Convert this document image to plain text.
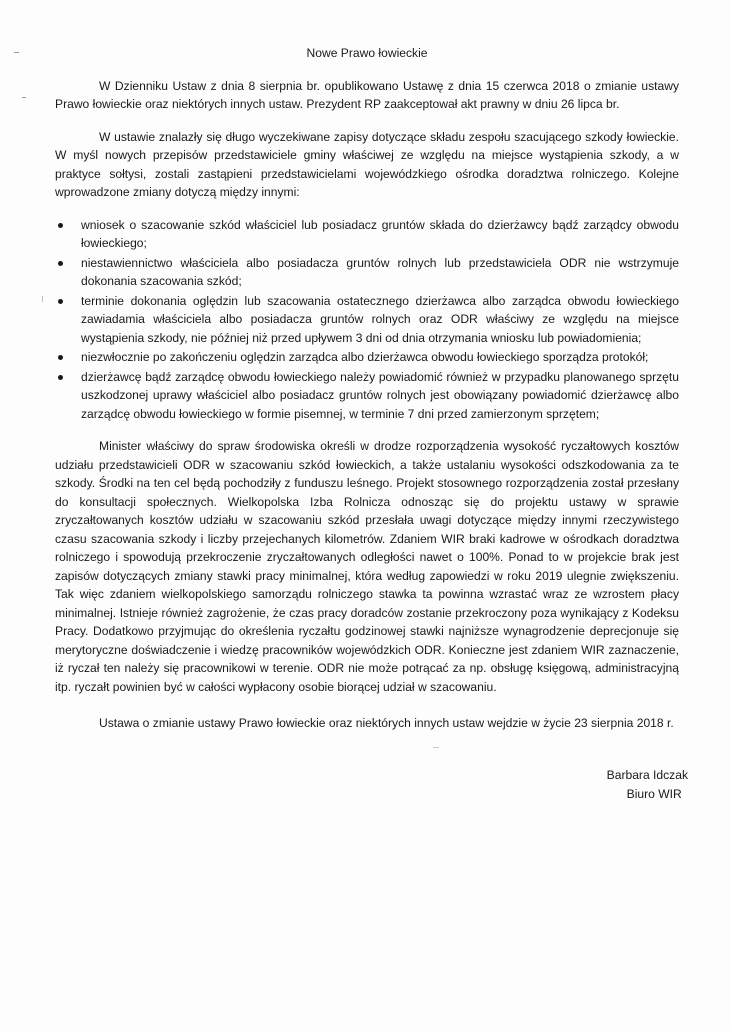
Nowe Prawo łowieckie

W Dzienniku Ustaw z dnia 8 sierpnia br. opublikowano Ustawę z dnia 15 czerwca 2018 o zmianie ustawy Prawo łowieckie oraz niektórych innych ustaw. Prezydent RP zaakceptował akt prawny w dniu 26 lipca br.

W ustawie znalazły się długo wyczekiwane zapisy dotyczące składu zespołu szacującego szkody łowieckie. W myśl nowych przepisów przedstawiciele gminy właściwej ze względu na miejsce wystąpienia szkody, a w praktyce sołtysi, zostali zastąpieni przedstawicielami wojewódzkiego ośrodka doradztwa rolniczego. Kolejne wprowadzone zmiany dotyczą między innymi:

wniosek o szacowanie szkód właściciel lub posiadacz gruntów składa do dzierżawcy bądź zarządcy obwodu łowieckiego;
niestawiennictwo właściciela albo posiadacza gruntów rolnych lub przedstawiciela ODR nie wstrzymuje dokonania szacowania szkód;
terminie dokonania oględzin lub szacowania ostatecznego dzierżawca albo zarządca obwodu łowieckiego zawiadamia właściciela albo posiadacza gruntów rolnych oraz ODR właściwy ze względu na miejsce wystąpienia szkody, nie później niż przed upływem 3 dni od dnia otrzymania wniosku lub powiadomienia;
niezwłocznie po zakończeniu oględzin zarządca albo dzierżawca obwodu łowieckiego sporządza protokół;
dzierżawcę bądź zarządcę obwodu łowieckiego należy powiadomić również w przypadku planowanego sprzętu uszkodzonej uprawy właściciel albo posiadacz gruntów rolnych jest obowiązany powiadomić dzierżawcę albo zarządcę obwodu łowieckiego w formie pisemnej, w terminie 7 dni przed zamierzonym sprzętem;

Minister właściwy do spraw środowiska określi w drodze rozporządzenia wysokość ryczałtowych kosztów udziału przedstawicieli ODR w szacowaniu szkód łowieckich, a także ustalaniu wysokości odszkodowania za te szkody. Środki na ten cel będą pochodziły z funduszu leśnego. Projekt stosownego rozporządzenia został przesłany do konsultacji społecznych. Wielkopolska Izba Rolnicza odnosząc się do projektu ustawy w sprawie zryczałtowanych kosztów udziału w szacowaniu szkód przesłała uwagi dotyczące między innymi rzeczywistego czasu szacowania szkody i liczby przejechanych kilometrów. Zdaniem WIR braki kadrowe w ośrodkach doradztwa rolniczego i spowodują przekroczenie zryczałtowanych odległości nawet o 100%. Ponad to w projekcie brak jest zapisów dotyczących zmiany stawki pracy minimalnej, która według zapowiedzi w roku 2019 ulegnie zwiększeniu. Tak więc zdaniem wielkopolskiego samorządu rolniczego stawka ta powinna wzrastać wraz ze wzrostem płacy minimalnej. Istnieje również zagrożenie, że czas pracy doradców zostanie przekroczony poza wynikający z Kodeksu Pracy. Dodatkowo przyjmując do określenia ryczałtu godzinowej stawki najniższe wynagrodzenie deprecjonuje się merytoryczne doświadczenie i wiedzę pracowników wojewódzkich ODR. Konieczne jest zdaniem WIR zaznaczenie, iż ryczał ten należy się pracownikowi w terenie. ODR nie może potrącać za np. obsługę księgową, administracyjną itp. ryczałt powinien być w całości wypłacony osobie biorącej udział w szacowaniu.

Ustawa o zmianie ustawy Prawo łowieckie oraz niektórych innych ustaw wejdzie w życie 23 sierpnia 2018 r.

Barbara Idczak
Biuro WIR
